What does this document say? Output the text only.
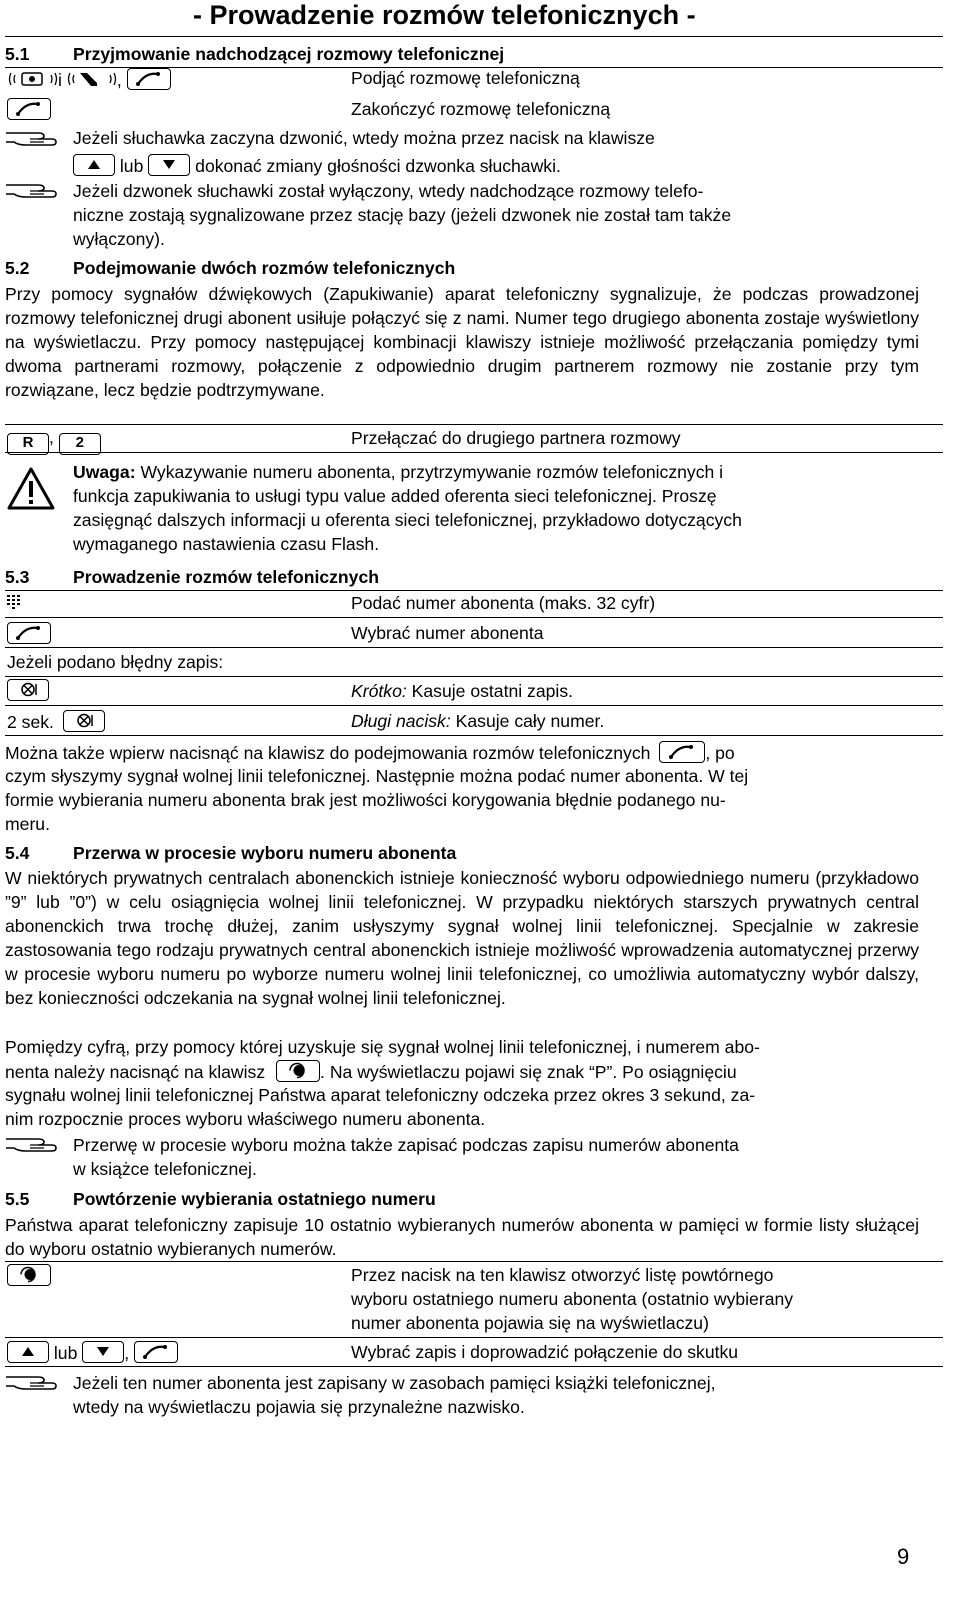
- Prowadzenie rozmów telefonicznych -
5.1 Przyjmowanie nadchodzącej rozmowy telefonicznej
i	,	Podjąć rozmowę telefoniczną
Zakończyć rozmowę telefoniczną
Jeżeli słuchawka zaczyna dzwonić, wtedy można przez nacisk na klawisze
lub	dokonać zmiany głośności dzwonka słuchawki.
Jeżeli dzwonek słuchawki został wyłączony, wtedy nadchodzące rozmowy telefo-
niczne zostają sygnalizowane przez stację bazy (jeżeli dzwonek nie został tam także
wyłączony).
5.2 Podejmowanie dwóch rozmów telefonicznych
Przy pomocy sygnałów dźwiękowych (Zapukiwanie) aparat telefoniczny sygnalizuje, że podczas prowadzonej rozmowy telefonicznej drugi abonent usiłuje połączyć się z nami. Numer tego drugiego abonenta zostaje wyświetlony na wyświetlaczu. Przy pomocy następującej kombinacji klawiszy istnieje możliwość przełączania pomiędzy tymi dwoma partnerami rozmowy, połączenie z odpowiednio drugim partnerem rozmowy nie zostanie przy tym rozwiązane, lecz będzie podtrzymywane.
R , 2	Przełączać do drugiego partnera rozmowy
Uwaga: Wykazywanie numeru abonenta, przytrzymywanie rozmów telefonicznych i
funkcja zapukiwania to usługi typu value added oferenta sieci telefonicznej. Proszę
zasięgnąć dalszych informacji u oferenta sieci telefonicznej, przykładowo dotyczących
wymaganego nastawienia czasu Flash.
5.3 Prowadzenie rozmów telefonicznych
Podać numer abonenta (maks. 32 cyfr)
Wybrać numer abonenta
Jeżeli podano błędny zapis:
Krótko: Kasuje ostatni zapis.
2 sek.	Długi nacisk: Kasuje cały numer.
Można także wpierw nacisnąć na klawisz do podejmowania rozmów telefonicznych	, po
czym słyszymy sygnał wolnej linii telefonicznej. Następnie można podać numer abonenta. W tej
formie wybierania numeru abonenta brak jest możliwości korygowania błędnie podanego nu-
meru.
5.4 Przerwa w procesie wyboru numeru abonenta
W niektórych prywatnych centralach abonenckich istnieje konieczność wyboru odpowiedniego numeru (przykładowo ”9” lub ”0”) w celu osiągnięcia wolnej linii telefonicznej. W przypadku niektórych starszych prywatnych central abonenckich trwa trochę dłużej, zanim usłyszymy sygnał wolnej linii telefonicznej. Specjalnie w zakresie zastosowania tego rodzaju prywatnych central abonenckich istnieje możliwość wprowadzenia automatycznej przerwy w procesie wyboru numeru po wyborze numeru wolnej linii telefonicznej, co umożliwia automatyczny wybór dalszy, bez konieczności odczekania na sygnał wolnej linii telefonicznej.
Pomiędzy cyfrą, przy pomocy której uzyskuje się sygnał wolnej linii telefonicznej, i numerem abo-
nenta należy nacisnąć na klawisz	. Na wyświetlaczu pojawi się znak “P”. Po osiągnięciu
sygnału wolnej linii telefonicznej Państwa aparat telefoniczny odczeka przez okres 3 sekund, za-
nim rozpocznie proces wyboru właściwego numeru abonenta.
Przerwę w procesie wyboru można także zapisać podczas zapisu numerów abonenta
w książce telefonicznej.
5.5 Powtórzenie wybierania ostatniego numeru
Państwa aparat telefoniczny zapisuje 10 ostatnio wybieranych numerów abonenta w pamięci w formie listy służącej do wyboru ostatnio wybieranych numerów.
Przez nacisk na ten klawisz otworzyć listę powtórnego
wyboru ostatniego numeru abonenta (ostatnio wybierany
numer abonenta pojawia się na wyświetlaczu)
lub	,	Wybrać zapis i doprowadzić połączenie do skutku
Jeżeli ten numer abonenta jest zapisany w zasobach pamięci książki telefonicznej,
wtedy na wyświetlaczu pojawia się przynależne nazwisko.
9
